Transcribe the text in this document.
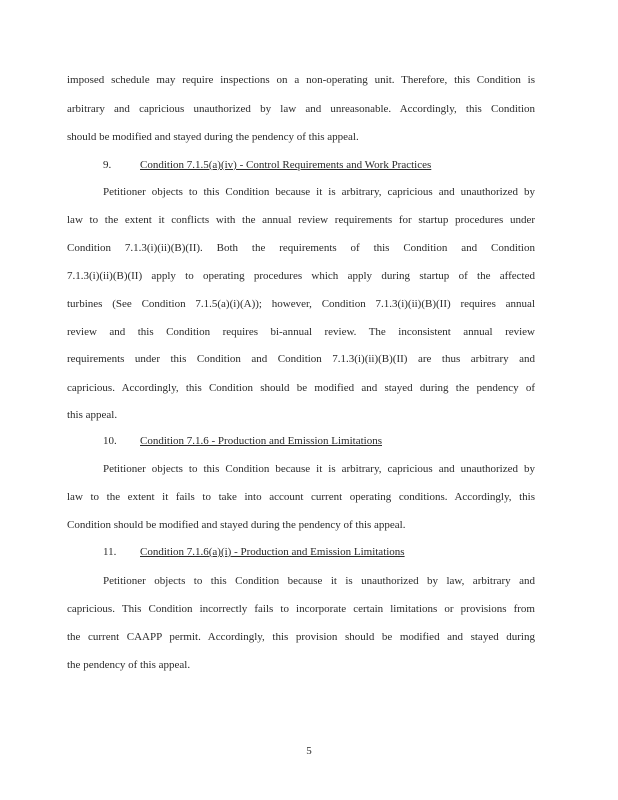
imposed schedule may require inspections on a non-operating unit. Therefore, this Condition is

arbitrary and capricious unauthorized by law and unreasonable. Accordingly, this Condition

should be modified and stayed during the pendency of this appeal.

9.	Condition 7.1.5(a)(iv) - Control Requirements and Work Practices

Petitioner objects to this Condition because it is arbitrary, capricious and unauthorized by

law to the extent it conflicts with the annual review requirements for startup procedures under

Condition 7.1.3(i)(ii)(B)(II). Both the requirements of this Condition and Condition

7.1.3(i)(ii)(B)(II) apply to operating procedures which apply during startup of the affected

turbines (See Condition 7.1.5(a)(i)(A)); however, Condition 7.1.3(i)(ii)(B)(II) requires annual

review and this Condition requires bi-annual review. The inconsistent annual review

requirements under this Condition and Condition 7.1.3(i)(ii)(B)(II) are thus arbitrary and

capricious. Accordingly, this Condition should be modified and stayed during the pendency of

this appeal.

10. Condition 7.1.6 - Production and Emission Limitations

Petitioner objects to this Condition because it is arbitrary, capricious and unauthorized by

law to the extent it fails to take into account current operating conditions. Accordingly, this

Condition should be modified and stayed during the pendency of this appeal.

11. Condition 7.1.6(a)(i) - Production and Emission Limitations

Petitioner objects to this Condition because it is unauthorized by law, arbitrary and

capricious. This Condition incorrectly fails to incorporate certain limitations or provisions from

the current CAAPP permit. Accordingly, this provision should be modified and stayed during

the pendency of this appeal.

5
